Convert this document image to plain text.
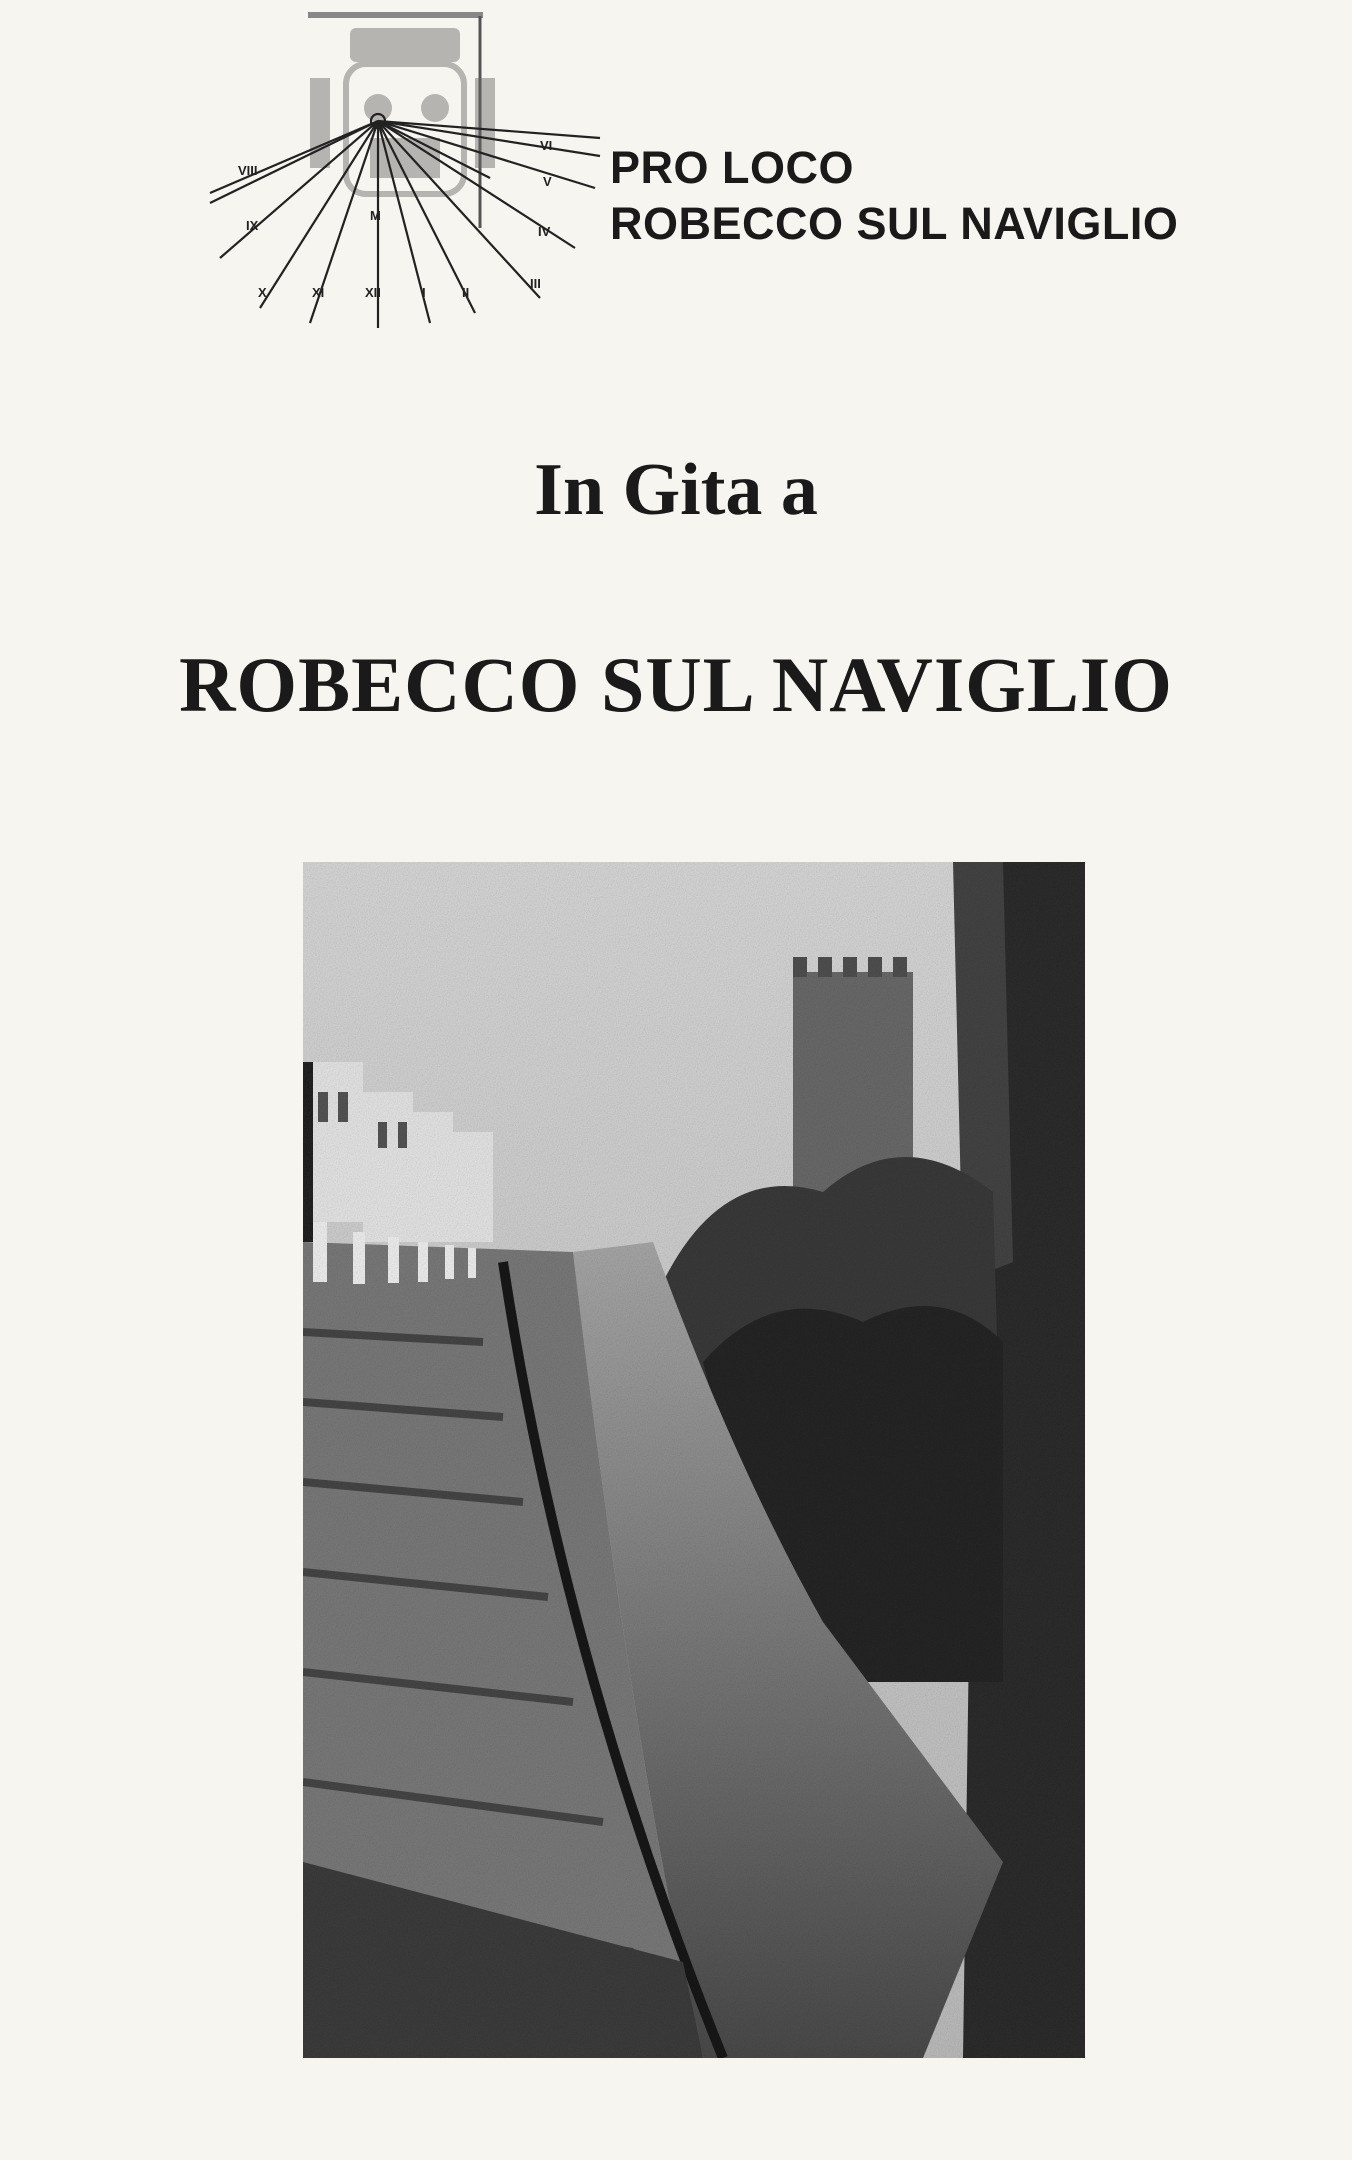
VIII
IX
X	XI	XII	I	II
III
IV
V
VI
M
PRO LOCO
ROBECCO SUL NAVIGLIO
In Gita a
ROBECCO SUL NAVIGLIO
